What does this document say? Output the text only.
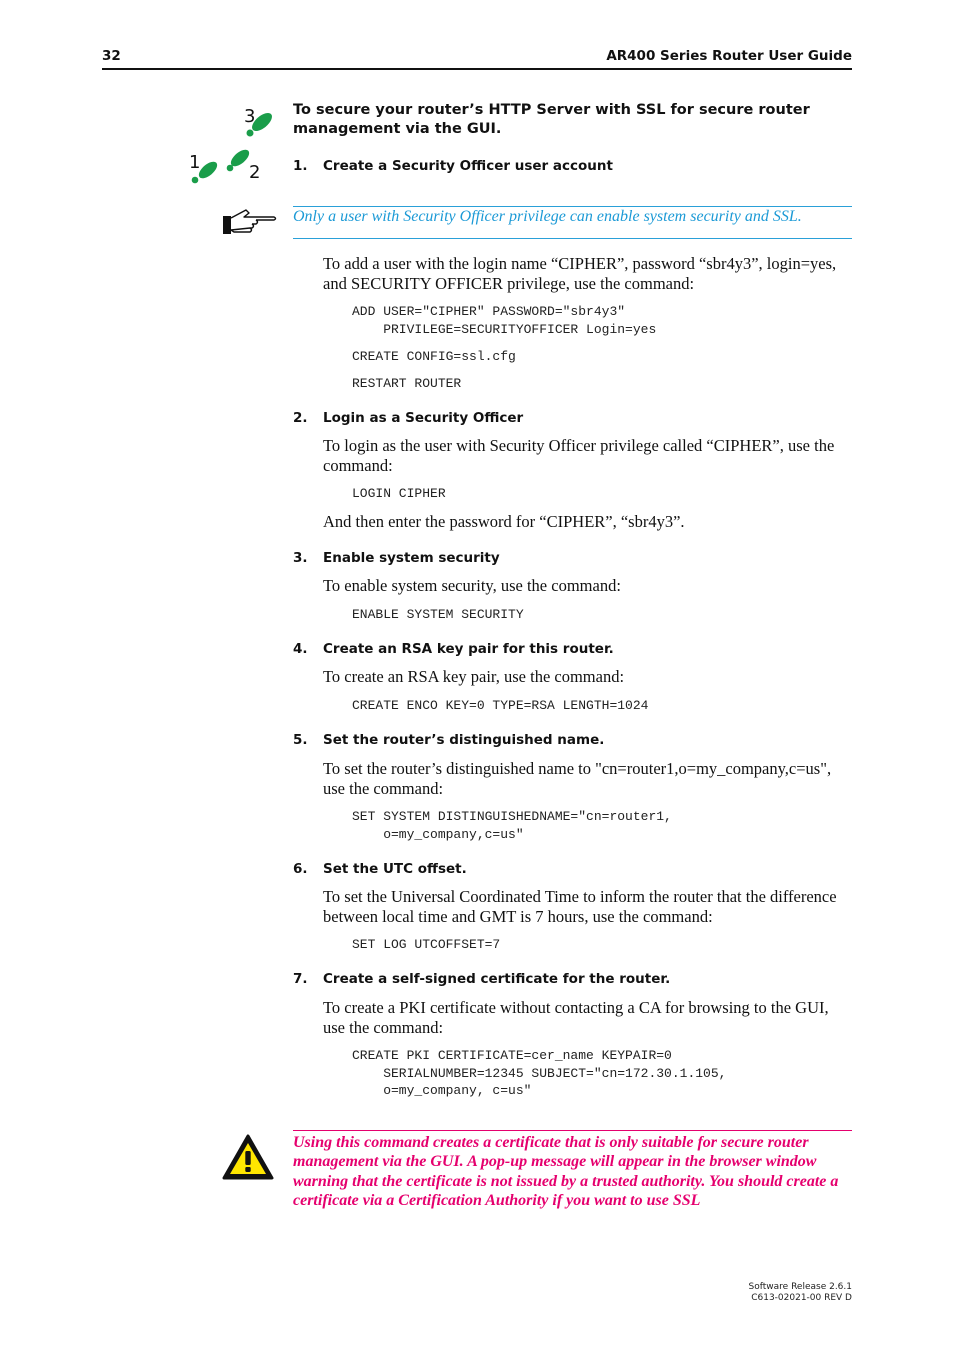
32	AR400 Series Router User Guide
3
1	2
To secure your router’s HTTP Server with SSL for secure router management via the GUI.
1. Create a Security Officer user account
Only a user with Security Officer privilege can enable system security and SSL.
To add a user with the login name “CIPHER”, password “sbr4y3”, login=yes, and SECURITY OFFICER privilege, use the command:
ADD USER="CIPHER" PASSWORD="sbr4y3"
PRIVILEGE=SECURITYOFFICER Login=yes
CREATE CONFIG=ssl.cfg
RESTART ROUTER
2. Login as a Security Officer
To login as the user with Security Officer privilege called “CIPHER”, use the command:
LOGIN CIPHER
And then enter the password for “CIPHER”, “sbr4y3”.
3. Enable system security
To enable system security, use the command:
ENABLE SYSTEM SECURITY
4. Create an RSA key pair for this router.
To create an RSA key pair, use the command:
CREATE ENCO KEY=0 TYPE=RSA LENGTH=1024
5. Set the router’s distinguished name.
To set the router’s distinguished name to "cn=router1,o=my_company,c=us", use the command:
SET SYSTEM DISTINGUISHEDNAME="cn=router1,
o=my_company,c=us"
6. Set the UTC offset.
To set the Universal Coordinated Time to inform the router that the difference between local time and GMT is 7 hours, use the command:
SET LOG UTCOFFSET=7
7. Create a self-signed certificate for the router.
To create a PKI certificate without contacting a CA for browsing to the GUI, use the command:
CREATE PKI CERTIFICATE=cer_name KEYPAIR=0
SERIALNUMBER=12345 SUBJECT="cn=172.30.1.105,
o=my_company, c=us"
Using this command creates a certificate that is only suitable for secure router management via the GUI. A pop-up message will appear in the browser window warning that the certificate is not issued by a trusted authority. You should create a certificate via a Certification Authority if you want to use SSL
Software Release 2.6.1
C613-02021-00 REV D
